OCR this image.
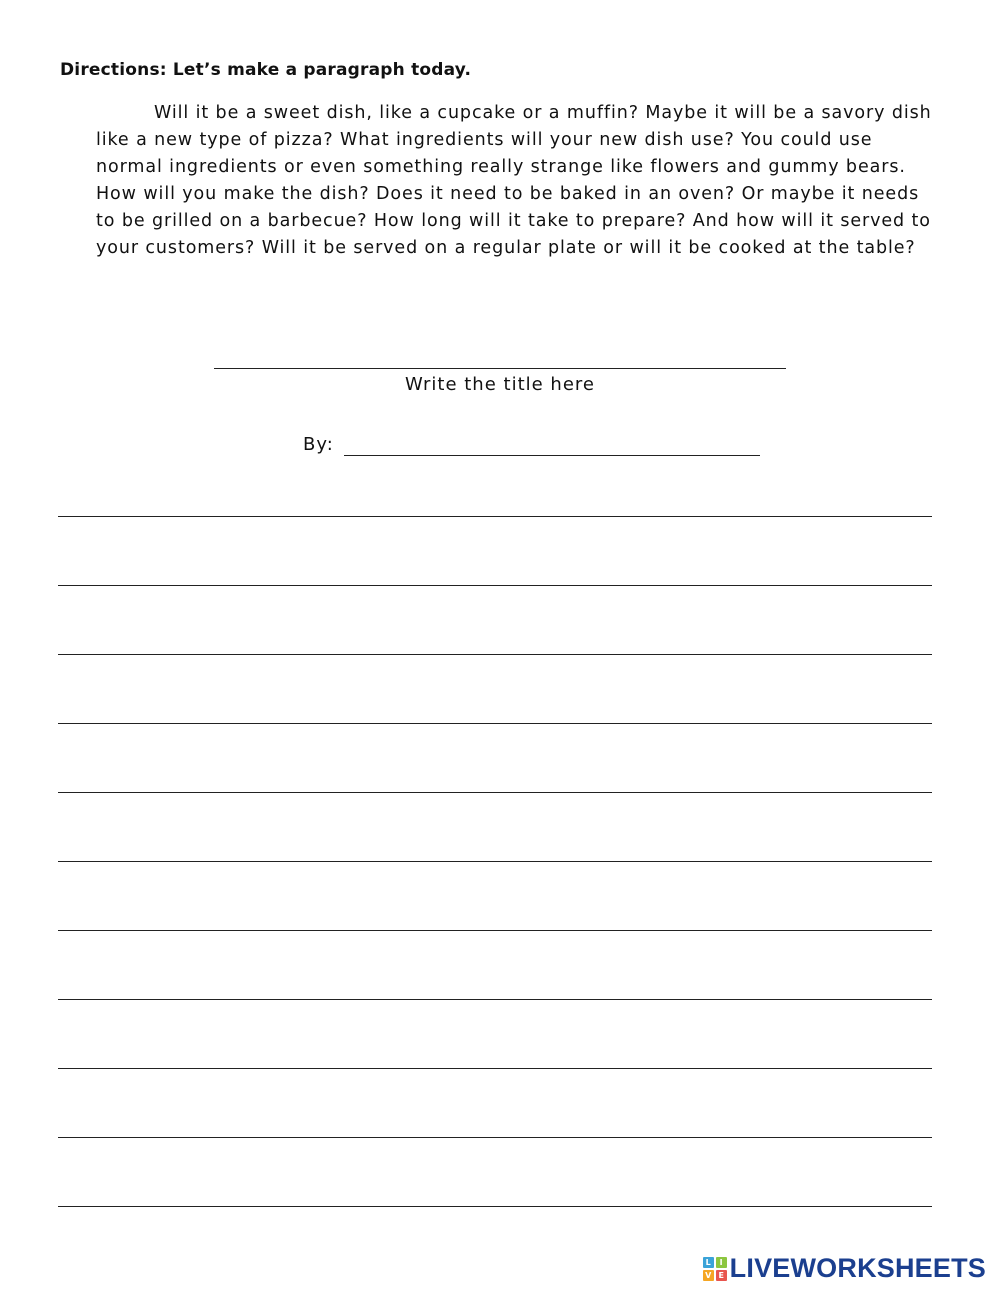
Directions: Let’s make a paragraph today.

Will it be a sweet dish, like a cupcake or a muffin? Maybe it will be a savory dish like a new type of pizza? What ingredients will your new dish use? You could use normal ingredients or even something really strange like flowers and gummy bears. How will you make the dish? Does it need to be baked in an oven? Or maybe it needs to be grilled on a barbecue? How long will it take to prepare? And how will it served to your customers? Will it be served on a regular plate or will it be cooked at the table?

Write the title here
By:
L	I
V E LIVEWORKSHEETS
